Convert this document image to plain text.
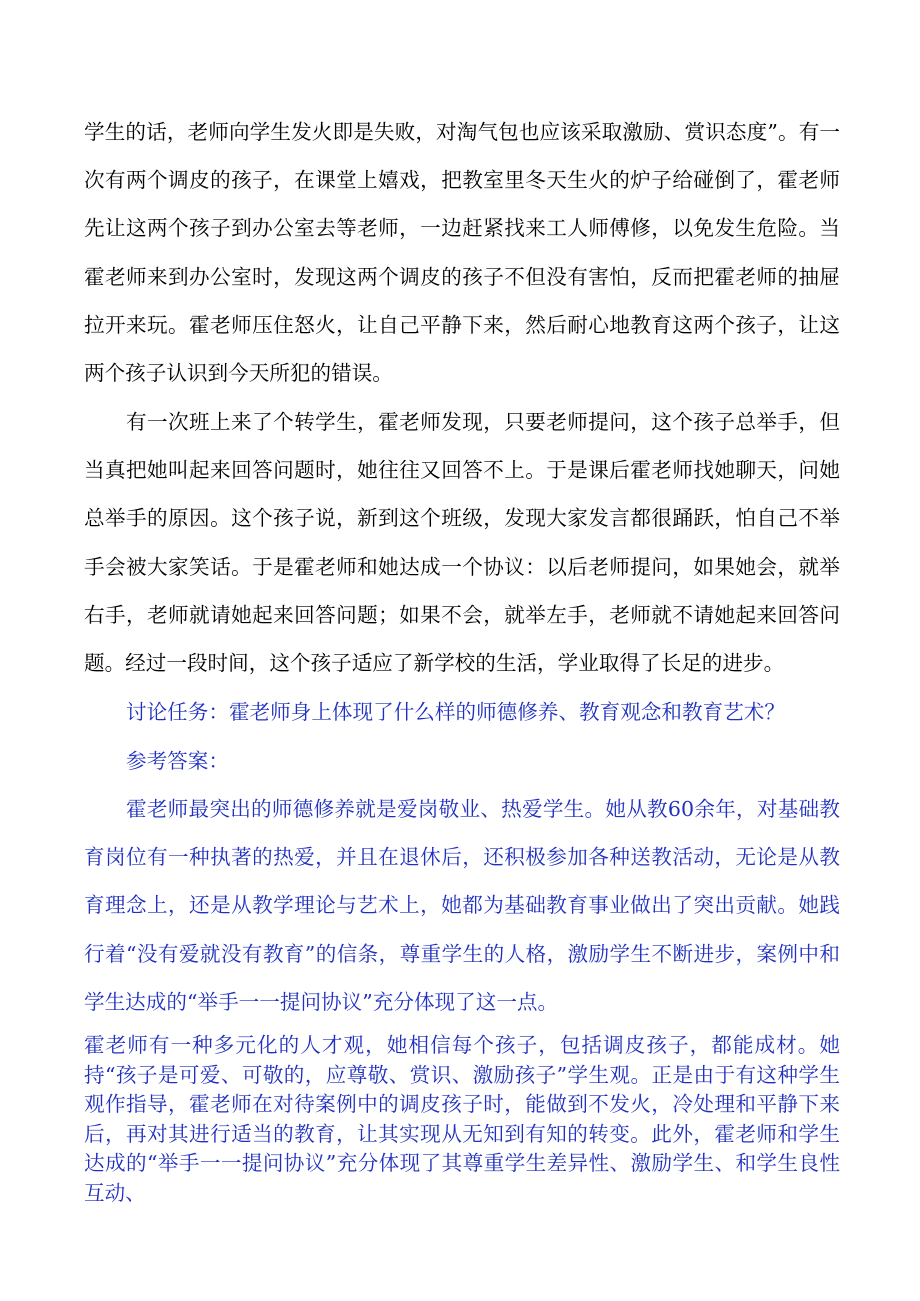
学生的话，老师向学生发火即是失败，对淘气包也应该采取激励、赏识态度”。有一次有两个调皮的孩子，在课堂上嬉戏，把教室里冬天生火的炉子给碰倒了，霍老师先让这两个孩子到办公室去等老师，一边赶紧找来工人师傅修，以免发生危险。当霍老师来到办公室时，发现这两个调皮的孩子不但没有害怕，反而把霍老师的抽屉拉开来玩。霍老师压住怒火，让自己平静下来，然后耐心地教育这两个孩子，让这两个孩子认识到今天所犯的错误。

有一次班上来了个转学生，霍老师发现，只要老师提问，这个孩子总举手，但当真把她叫起来回答问题时，她往往又回答不上。于是课后霍老师找她聊天，问她总举手的原因。这个孩子说，新到这个班级，发现大家发言都很踊跃，怕自己不举手会被大家笑话。于是霍老师和她达成一个协议：以后老师提问，如果她会，就举右手，老师就请她起来回答问题；如果不会，就举左手，老师就不请她起来回答问题。经过一段时间，这个孩子适应了新学校的生活，学业取得了长足的进步。

讨论任务：霍老师身上体现了什么样的师德修养、教育观念和教育艺术？

参考答案：

霍老师最突出的师德修养就是爱岗敬业、热爱学生。她从教60余年，对基础教育岗位有一种执著的热爱，并且在退休后，还积极参加各种送教活动，无论是从教育理念上，还是从教学理论与艺术上，她都为基础教育事业做出了突出贡献。她践行着“没有爱就没有教育”的信条，尊重学生的人格，激励学生不断进步，案例中和学生达成的“举手一一提问协议”充分体现了这一点。

霍老师有一种多元化的人才观，她相信每个孩子，包括调皮孩子，都能成材。她持“孩子是可爱、可敬的，应尊敬、赏识、激励孩子”学生观。正是由于有这种学生观作指导，霍老师在对待案例中的调皮孩子时，能做到不发火，冷处理和平静下来后，再对其进行适当的教育，让其实现从无知到有知的转变。此外，霍老师和学生达成的“举手一一提问协议”充分体现了其尊重学生差异性、激励学生、和学生良性互动、
